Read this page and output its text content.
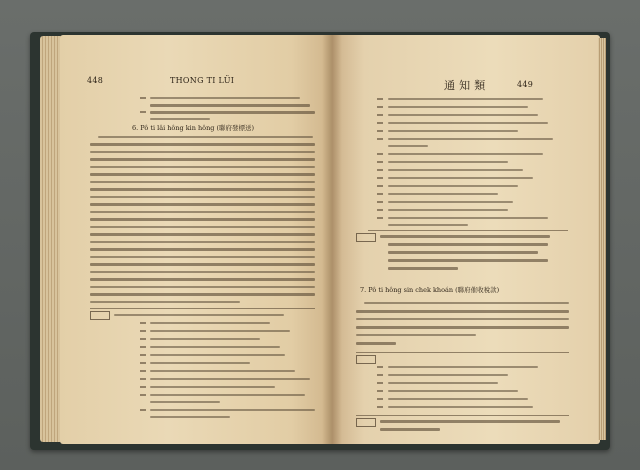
448	THONG TI LÜI
6. Pô ti lâi hông kin hông (聯府發標送)
通 知 類	449
7. Pô ti hông sin chek khoán (聯府催收稅款)
